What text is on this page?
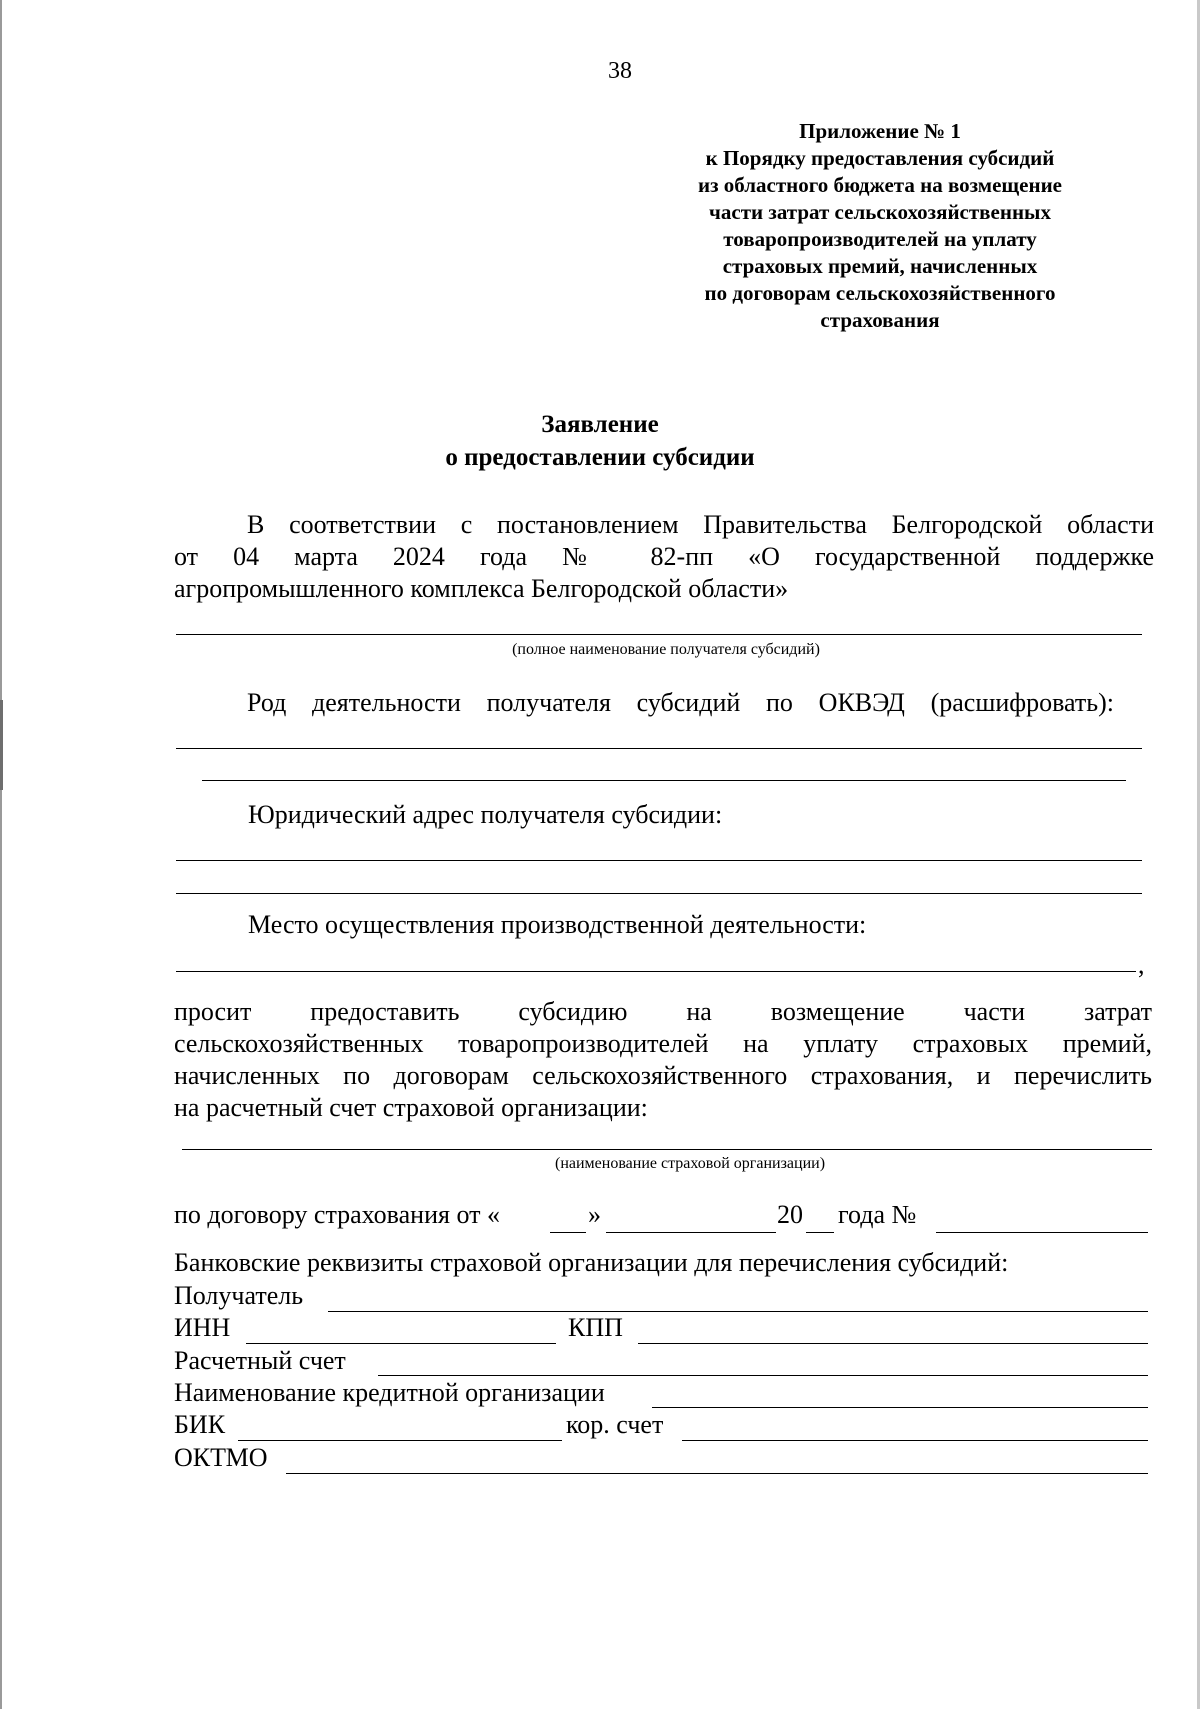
38
Приложение № 1
к Порядку предоставления субсидий
из областного бюджета на возмещение
части затрат сельскохозяйственных
товаропроизводителей на уплату
страховых премий, начисленных
по договорам сельскохозяйственного
страхования
Заявление
о предоставлении субсидии
В соответствии с постановлением Правительства Белгородской области
от 04 марта 2024 года № 82-пп «О государственной поддержке
агропромышленного комплекса Белгородской области»
(полное наименование получателя субсидий)
Род деятельности получателя субсидий по ОКВЭД (расшифровать):
Юридический адрес получателя субсидии:
Место осуществления производственной деятельности:
,
просит предоставить субсидию на возмещение части затрат
сельскохозяйственных товаропроизводителей на уплату страховых премий,
начисленных по договорам сельскохозяйственного страхования, и перечислить
на расчетный счет страховой организации:
(наименование страховой организации)
по договору страхования от «	»	20 года №
Банковские реквизиты страховой организации для перечисления субсидий:
Получатель
ИНН	КПП
Расчетный счет
Наименование кредитной организации
БИК	кор. счет
ОКТМО
